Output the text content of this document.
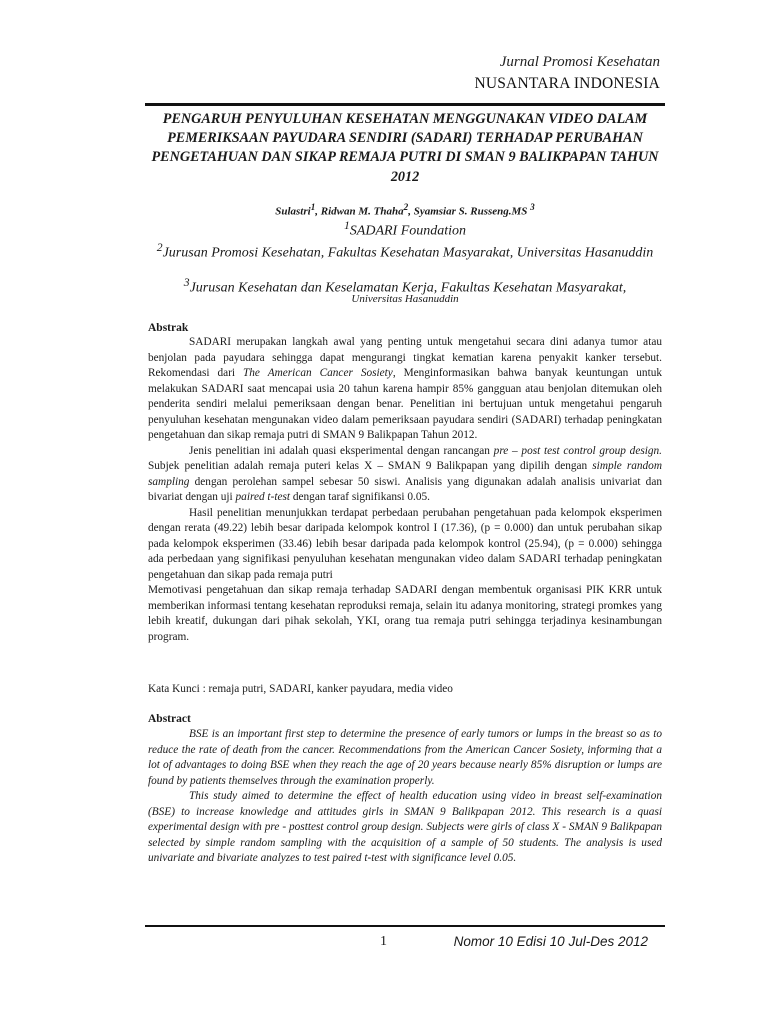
Jurnal Promosi Kesehatan

NUSANTARA INDONESIA

PENGARUH PENYULUHAN KESEHATAN MENGGUNAKAN VIDEO DALAM PEMERIKSAAN PAYUDARA SENDIRI (SADARI) TERHADAP PERUBAHAN PENGETAHUAN DAN SIKAP REMAJA PUTRI DI SMAN 9 BALIKPAPAN TAHUN 2012

Sulastri$^1$, Ridwan M. Thaha$^2$, Syamsiar S. Russeng.MS $^3$

$^1$SADARI Foundation

$^2$Jurusan Promosi Kesehatan, Fakultas Kesehatan Masyarakat, Universitas Hasanuddin

$^3$Jurusan Kesehatan dan Keselamatan Kerja, Fakultas Kesehatan Masyarakat,

Universitas Hasanuddin

Abstrak

SADARI merupakan langkah awal yang penting untuk mengetahui secara dini adanya tumor atau benjolan pada payudara sehingga dapat mengurangi tingkat kematian karena penyakit kanker tersebut. Rekomendasi dari The American Cancer Sosiety, Menginformasikan bahwa banyak keuntungan untuk melakukan SADARI saat mencapai usia 20 tahun karena hampir 85% gangguan atau benjolan ditemukan oleh penderita sendiri melalui pemeriksaan dengan benar. Penelitian ini bertujuan untuk mengetahui pengaruh penyuluhan kesehatan mengunakan video dalam pemeriksaan payudara sendiri (SADARI) terhadap peningkatan pengetahuan dan sikap remaja putri di SMAN 9 Balikpapan Tahun 2012.

Jenis penelitian ini adalah quasi eksperimental dengan rancangan pre – post test control group design. Subjek penelitian adalah remaja puteri kelas X – SMAN 9 Balikpapan yang dipilih dengan simple random sampling dengan perolehan sampel sebesar 50 siswi. Analisis yang digunakan adalah analisis univariat dan bivariat dengan uji paired t-test dengan taraf signifikansi 0.05.

Hasil penelitian menunjukkan terdapat perbedaan perubahan pengetahuan pada kelompok eksperimen dengan rerata (49.22) lebih besar daripada kelompok kontrol I (17.36), (p = 0.000) dan untuk perubahan sikap pada kelompok eksperimen (33.46) lebih besar daripada pada kelompok kontrol (25.94), (p = 0.000) sehingga ada perbedaan yang signifikasi penyuluhan kesehatan mengunakan video dalam SADARI terhadap peningkatan pengetahuan dan sikap pada remaja putri

Memotivasi pengetahuan dan sikap remaja terhadap SADARI dengan membentuk organisasi PIK KRR untuk memberikan informasi tentang kesehatan reproduksi remaja, selain itu adanya monitoring, strategi promkes yang lebih kreatif, dukungan dari pihak sekolah, YKI, orang tua remaja putri sehingga terjadinya kesinambungan program.

Kata Kunci : remaja putri, SADARI, kanker payudara, media video

Abstract

BSE is an important first step to determine the presence of early tumors or lumps in the breast so as to reduce the rate of death from the cancer. Recommendations from the American Cancer Sosiety, informing that a lot of advantages to doing BSE when they reach the age of 20 years because nearly 85% disruption or lumps are found by patients themselves through the examination properly.

This study aimed to determine the effect of health education using video in breast self-examination (BSE) to increase knowledge and attitudes girls in SMAN 9 Balikpapan 2012. This research is a quasi experimental design with pre - posttest control group design. Subjects were girls of class X - SMAN 9 Balikpapan selected by simple random sampling with the acquisition of a sample of 50 students. The analysis is used univariate and bivariate analyzes to test paired t-test with significance level 0.05.

1	Nomor 10 Edisi 10 Jul-Des 2012
